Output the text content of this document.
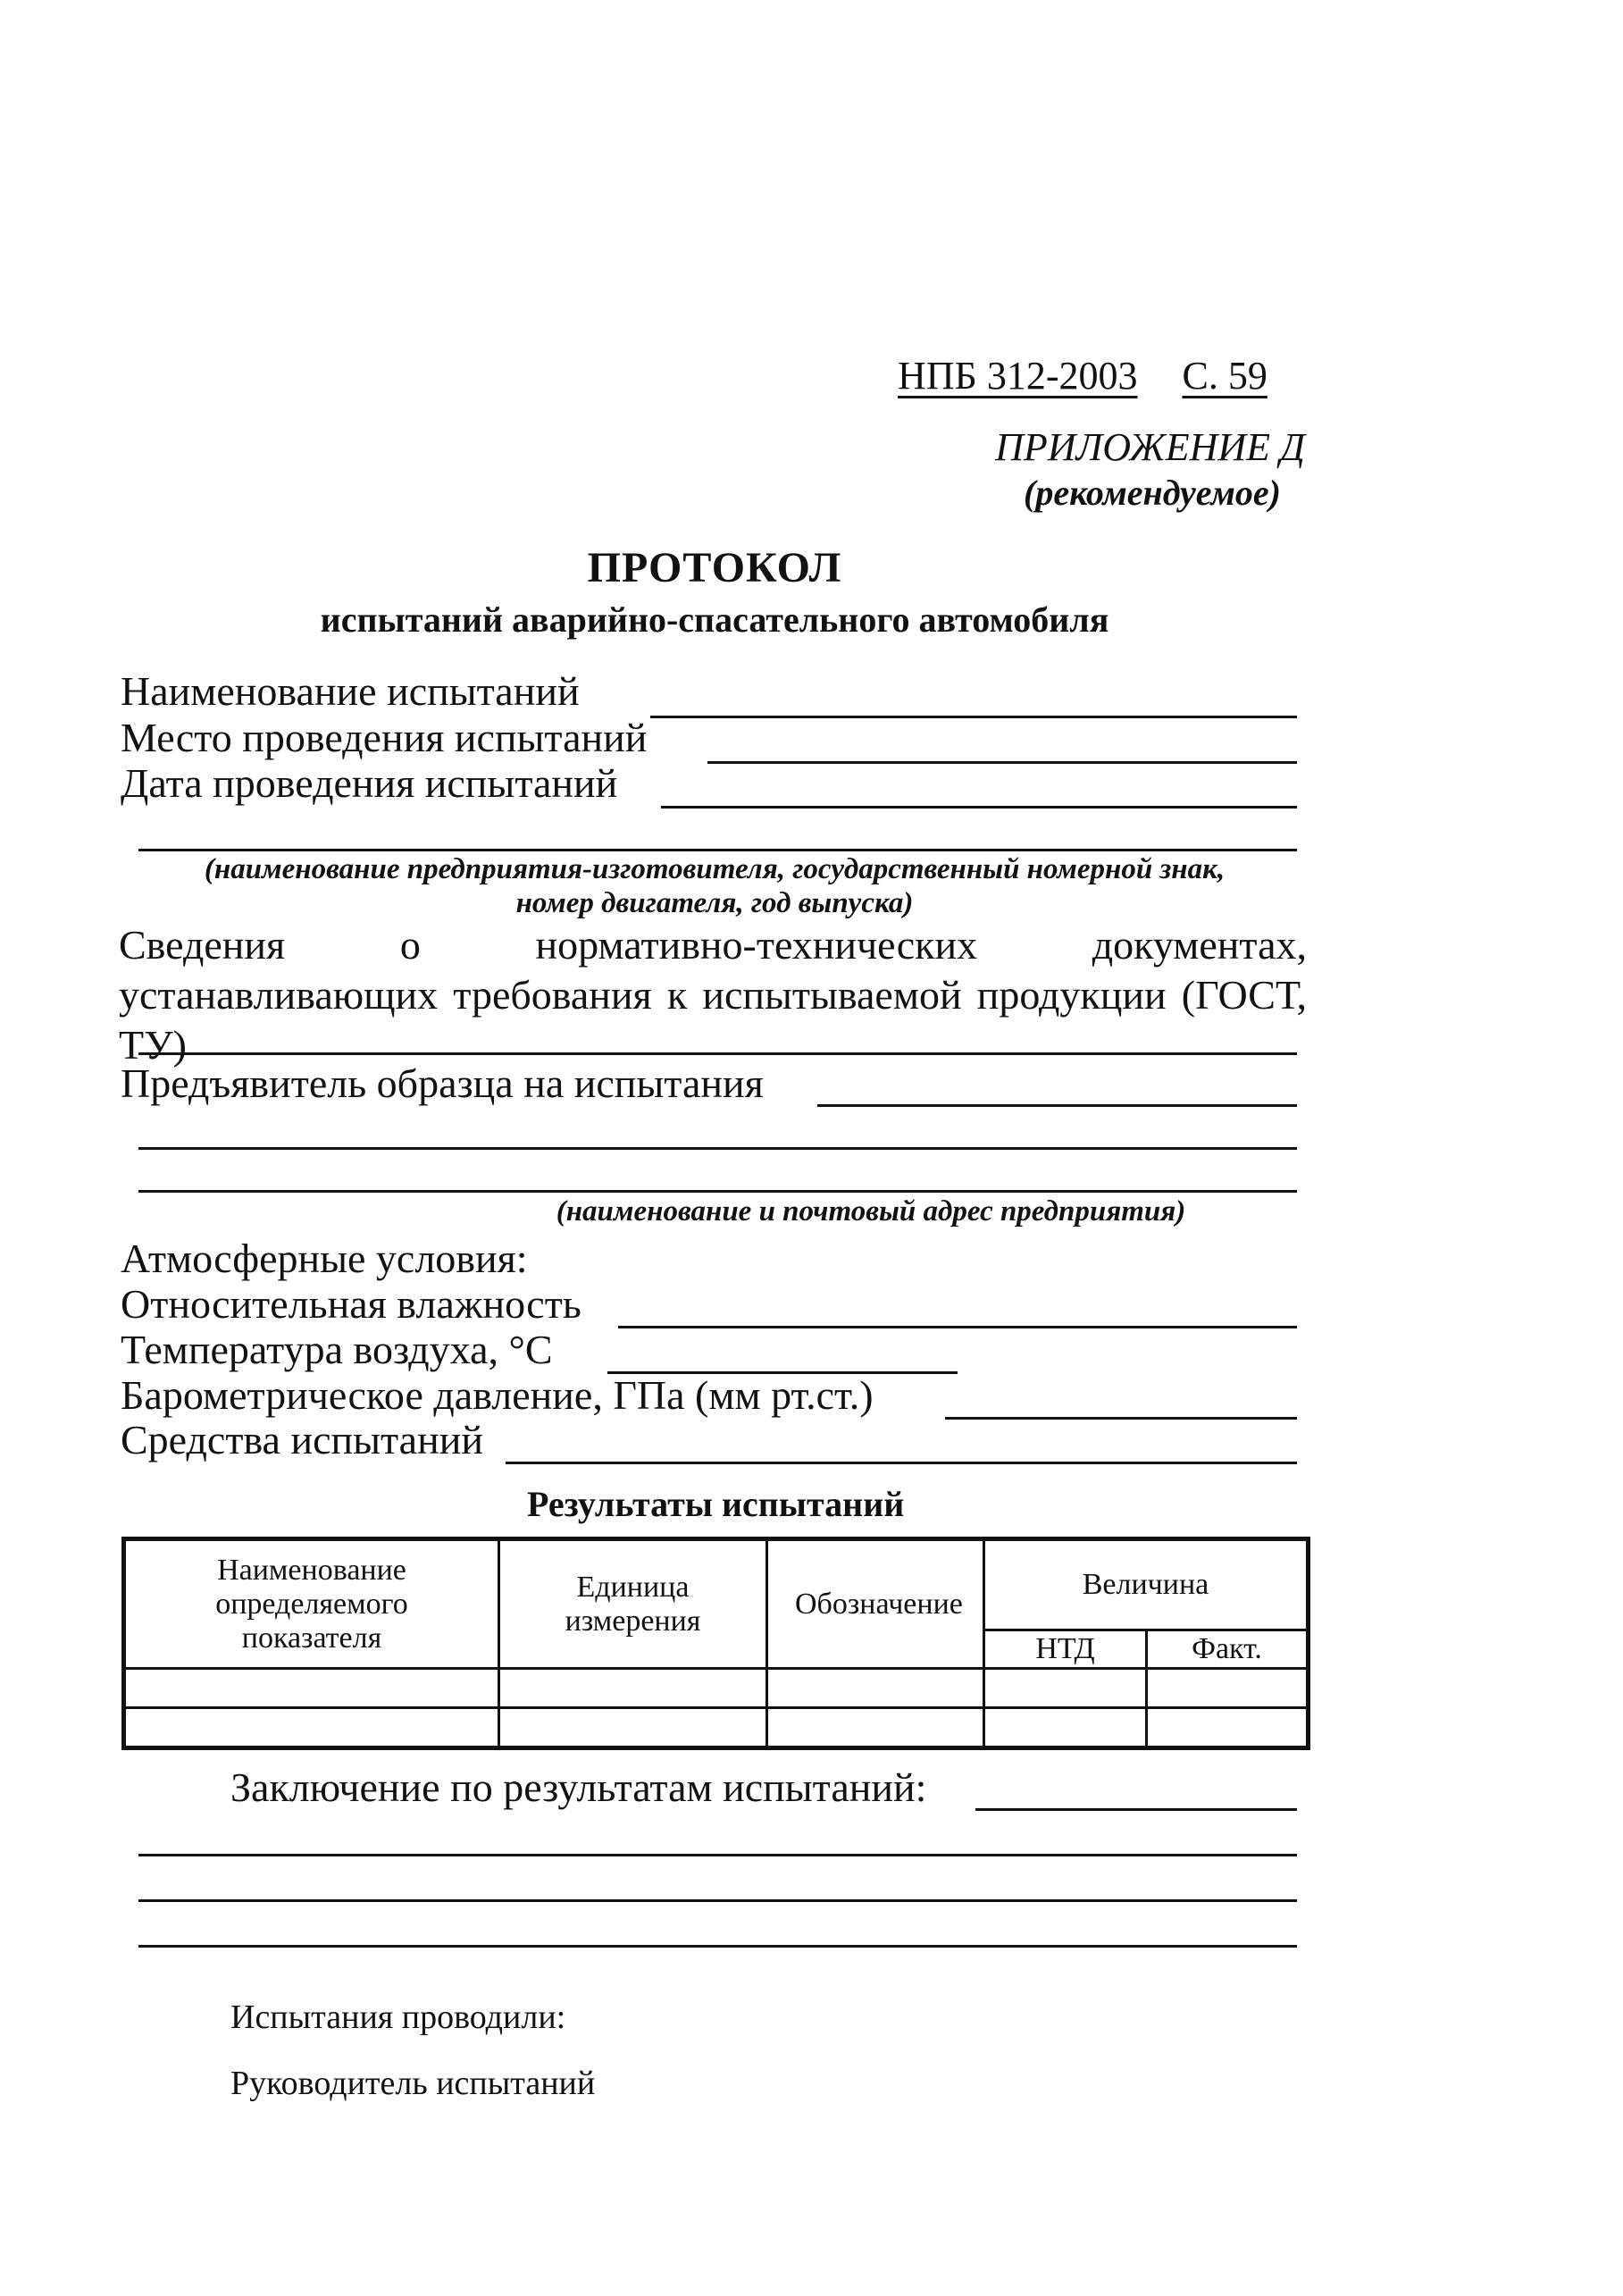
НПБ 312-2003 С. 59
ПРИЛОЖЕНИЕ Д
(рекомендуемое)
ПРОТОКОЛ
испытаний аварийно-спасательного автомобиля
Наименование испытаний
Место проведения испытаний
Дата проведения испытаний
(наименование предприятия-изготовителя, государственный номерной знак,
номер двигателя, год выпуска)
Сведения о нормативно-технических документах, устанавливающих требования к испытываемой продукции (ГОСТ, ТУ)
Предъявитель образца на испытания
(наименование и почтовый адрес предприятия)
Атмосферные условия:
Относительная влажность
Температура воздуха, °С
Барометрическое давление, ГПа (мм рт.ст.)
Средства испытаний
Результаты испытаний
Наименование определяемого показателя	Единица измерения	Обозначение	Величина	
			НТД	Факт.

Заключение по результатам испытаний:
Испытания проводили:
Руководитель испытаний
